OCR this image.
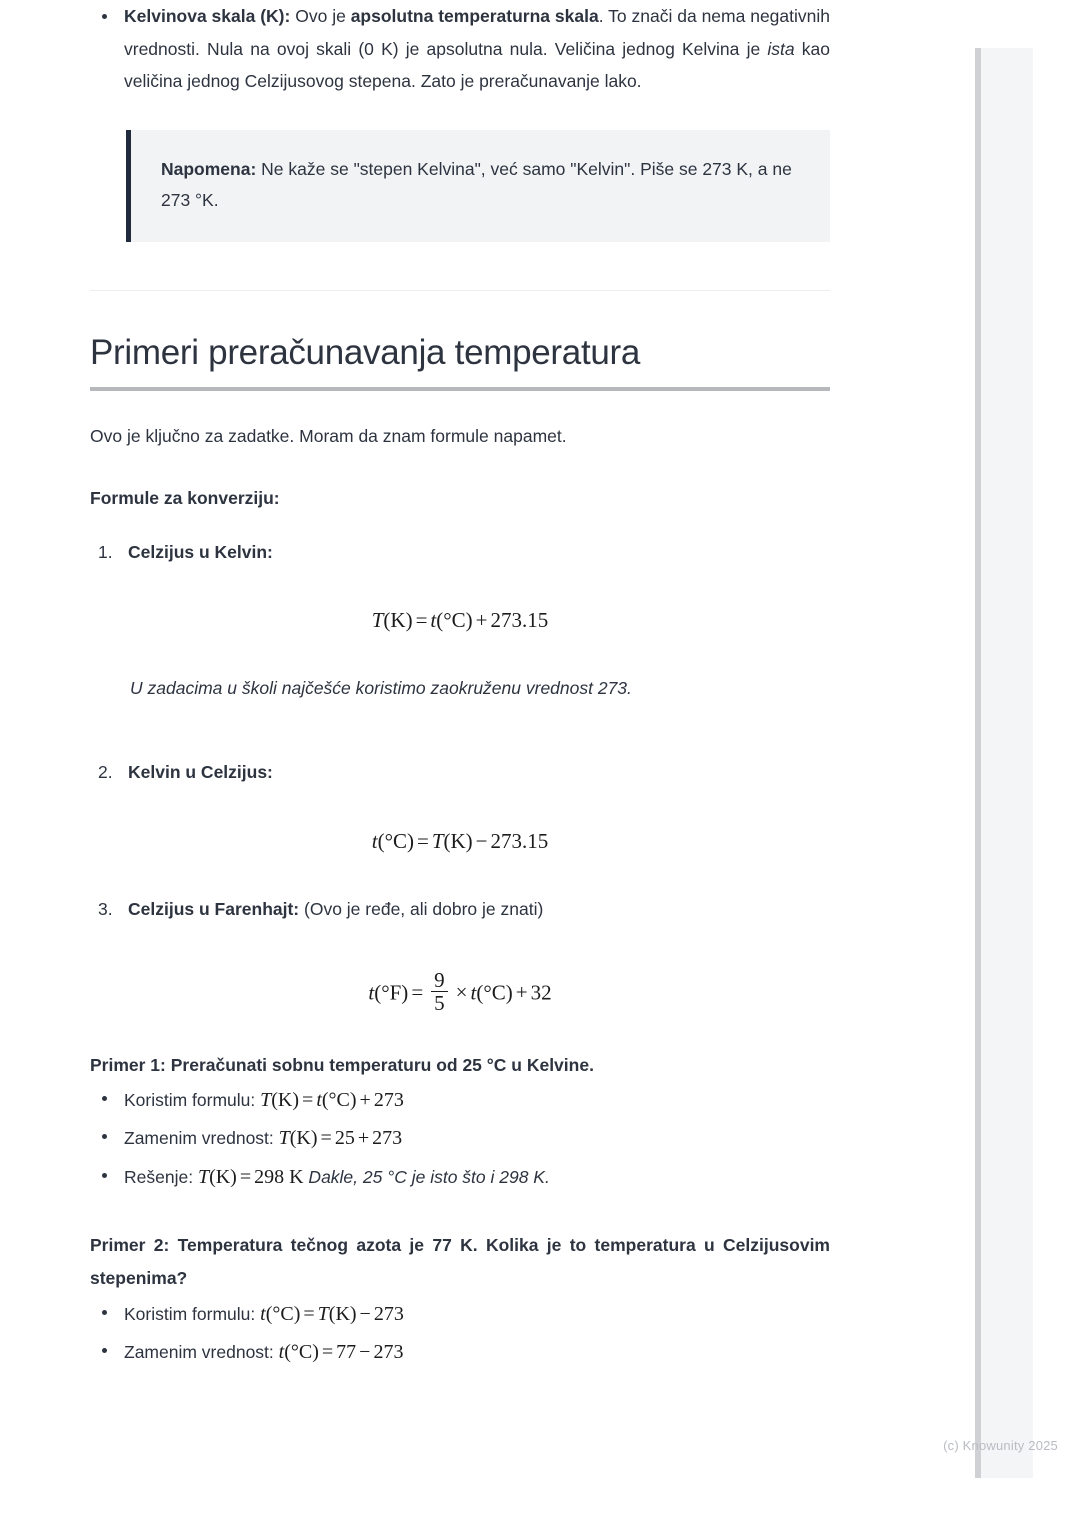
(c) Knowunity 2025
Kelvinova skala (K): Ovo je apsolutna temperaturna skala. To znači da nema negativnih vrednosti. Nula na ovoj skali (0 K) je apsolutna nula. Veličina jednog Kelvina je ista kao veličina jednog Celzijusovog stepena. Zato je preračunavanje lako.

Napomena: Ne kaže se "stepen Kelvina", već samo "Kelvin". Piše se 273 K, a ne 273 °K.

Primeri preračunavanja temperatura

Ovo je ključno za zadatke. Moram da znam formule napamet.

Formule za konverziju:

Celzijus u Kelvin:
T(K) = t(°C) + 273.15

U zadacima u školi najčešće koristimo zaokruženu vrednost 273.

Kelvin u Celzijus:
t(°C) = T(K) − 273.15
Celzijus u Farenhajt: (Ovo je ređe, ali dobro je znati)
$t(^\circ F) = \frac{9}{5} \times t(^\circ C) + 32$

Primer 1: Preračunati sobnu temperaturu od 25 °C u Kelvine.

Koristim formulu: T(K) = t(°C) + 273
Zamenim vrednost: T(K) = 25 + 273
Rešenje: T(K) = 298 K Dakle, 25 °C je isto što i 298 K.

Primer 2: Temperatura tečnog azota je 77 K. Kolika je to temperatura u Celzijusovim stepenima?

Koristim formulu: t(°C) = T(K) − 273
Zamenim vrednost: t(°C) = 77 − 273
